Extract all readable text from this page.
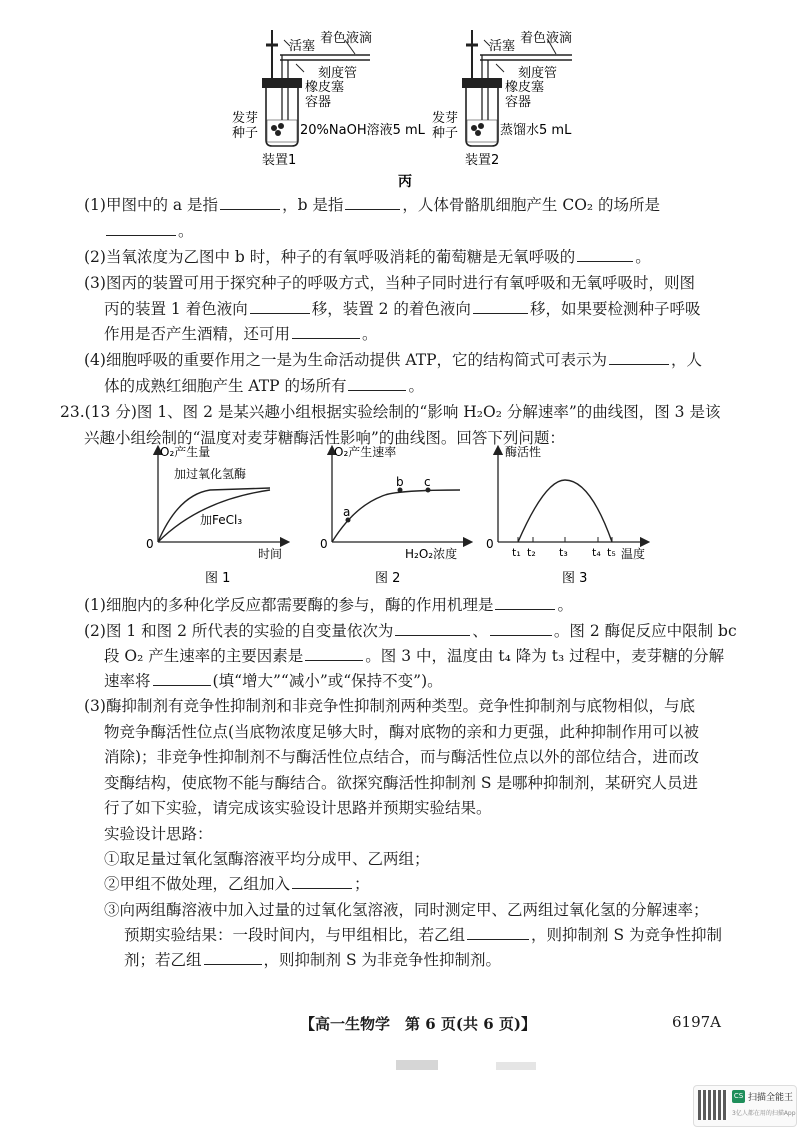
活塞
着色液滴
刻度管
橡皮塞
容器
发芽
种子	20%NaOH溶液5 mL
装置1
活塞
着色液滴
刻度管
橡皮塞
容器
发芽
种子	蒸馏水5 mL
装置2
丙
(1)甲图中的 a 是指	，b 是指	，人体骨骼肌细胞产生 CO₂ 的场所是
。
(2)当氧浓度为乙图中 b 时，种子的有氧呼吸消耗的葡萄糖是无氧呼吸的	。
(3)图丙的装置可用于探究种子的呼吸方式，当种子同时进行有氧呼吸和无氧呼吸时，则图
丙的装置 1 着色液向	移，装置 2 的着色液向	移，如果要检测种子呼吸
作用是否产生酒精，还可用	。
(4)细胞呼吸的重要作用之一是为生命活动提供 ATP，它的结构简式可表示为	，人
体的成熟红细胞产生 ATP 的场所有	。
23.(13 分)图 1、图 2 是某兴趣小组根据实验绘制的“影响 H₂O₂ 分解速率”的曲线图，图 3 是该
兴趣小组绘制的“温度对麦芽糖酶活性影响”的曲线图。回答下列问题：
O₂产生量
加过氧化氢酶
加FeCl₃
0
时间
图 1
O₂产生速率
a
b c
0
H₂O₂浓度
图 2
酶活性
0
t₁ t₂ t₃ t₄ t₅ 温度
图 3
(1)细胞内的多种化学反应都需要酶的参与，酶的作用机理是	。
(2)图 1 和图 2 所代表的实验的自变量依次为	、	。图 2 酶促反应中限制 bc
段 O₂ 产生速率的主要因素是	。图 3 中，温度由 t₄ 降为 t₃ 过程中，麦芽糖的分解
速率将	(填“增大”“减小”或“保持不变”)。
(3)酶抑制剂有竞争性抑制剂和非竞争性抑制剂两种类型。竞争性抑制剂与底物相似，与底
物竞争酶活性位点(当底物浓度足够大时，酶对底物的亲和力更强，此种抑制作用可以被
消除)；非竞争性抑制剂不与酶活性位点结合，而与酶活性位点以外的部位结合，进而改
变酶结构，使底物不能与酶结合。欲探究酶活性抑制剂 S 是哪种抑制剂，某研究人员进
行了如下实验，请完成该实验设计思路并预期实验结果。
实验设计思路：
①取足量过氧化氢酶溶液平均分成甲、乙两组；
②甲组不做处理，乙组加入	；
③向两组酶溶液中加入过量的过氧化氢溶液，同时测定甲、乙两组过氧化氢的分解速率；
预期实验结果：一段时间内，与甲组相比，若乙组	，则抑制剂 S 为竞争性抑制
剂；若乙组	，则抑制剂 S 为非竞争性抑制剂。
【高一生物学　第 6 页(共 6 页)】	6197A
CS 扫描全能王
3亿人都在用的扫描App
